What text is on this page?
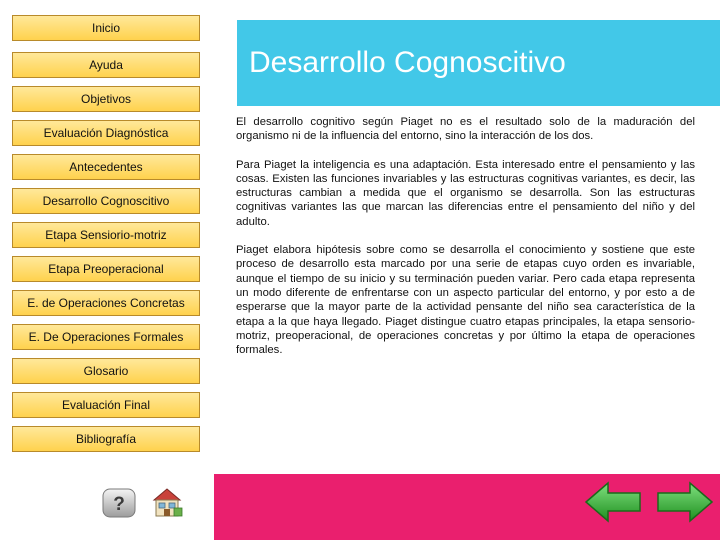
Inicio
Ayuda
Objetivos
Evaluación Diagnóstica
Antecedentes
Desarrollo Cognoscitivo
Etapa Sensiorio-motriz
Etapa Preoperacional
E. de Operaciones Concretas
E. De Operaciones Formales
Glosario
Evaluación Final
Bibliografía
Desarrollo Cognoscitivo

El desarrollo cognitivo según Piaget no es el resultado solo de la maduración del organismo ni de la influencia del entorno, sino la interacción de los dos.

Para Piaget la inteligencia es una adaptación. Esta interesado entre el pensamiento y las cosas. Existen las funciones invariables y las estructuras cognitivas variantes, es decir, las estructuras cambian a medida que el organismo se desarrolla. Son las estructuras cognitivas variantes las que marcan las diferencias entre el pensamiento del niño y del adulto.

Piaget elabora hipótesis sobre como se desarrolla el conocimiento y sostiene que este proceso de desarrollo esta marcado por una serie de etapas cuyo orden es invariable, aunque el tiempo de su inicio y su terminación pueden variar. Pero cada etapa representa un modo diferente de enfrentarse con un aspecto particular del entorno, y por esto a de esperarse que la mayor parte de la actividad pensante del niño sea característica de la etapa a la que haya llegado. Piaget distingue cuatro etapas principales, la etapa sensorio-motriz, preoperacional, de operaciones concretas y por último la etapa de operaciones formales.

?
